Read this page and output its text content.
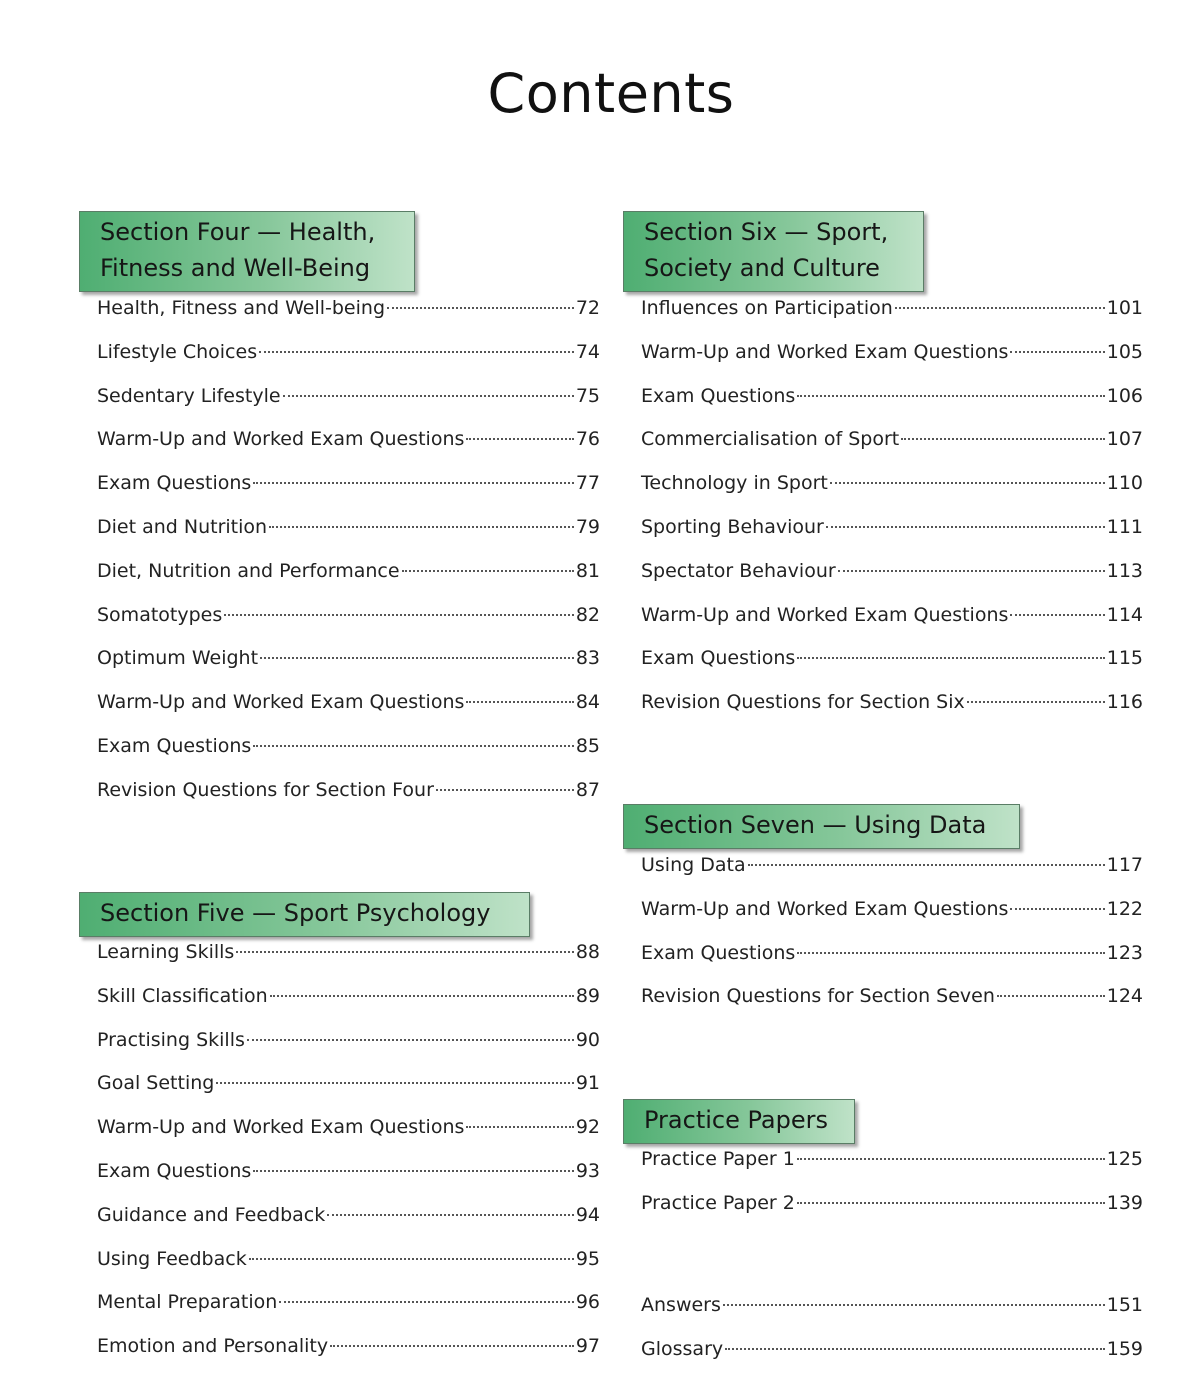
Contents
Section Four — Health,
Fitness and Well-Being
Health, Fitness and Well-being	72
Lifestyle Choices	74
Sedentary Lifestyle	75
Warm-Up and Worked Exam Questions	76
Exam Questions	77
Diet and Nutrition	79
Diet, Nutrition and Performance	81
Somatotypes	82
Optimum Weight	83
Warm-Up and Worked Exam Questions	84
Exam Questions	85
Revision Questions for Section Four	87
Section Five — Sport Psychology
Learning Skills	88
Skill Classification	89
Practising Skills	90
Goal Setting	91
Warm-Up and Worked Exam Questions	92
Exam Questions	93
Guidance and Feedback	94
Using Feedback	95
Mental Preparation	96
Emotion and Personality	97
Section Six — Sport,
Society and Culture
Influences on Participation	101
Warm-Up and Worked Exam Questions	105
Exam Questions	106
Commercialisation of Sport	107
Technology in Sport	110
Sporting Behaviour	111
Spectator Behaviour	113
Warm-Up and Worked Exam Questions	114
Exam Questions	115
Revision Questions for Section Six	116
Section Seven — Using Data
Using Data	117
Warm-Up and Worked Exam Questions	122
Exam Questions	123
Revision Questions for Section Seven	124
Practice Papers
Practice Paper 1	125
Practice Paper 2	139
Answers	151
Glossary	159
